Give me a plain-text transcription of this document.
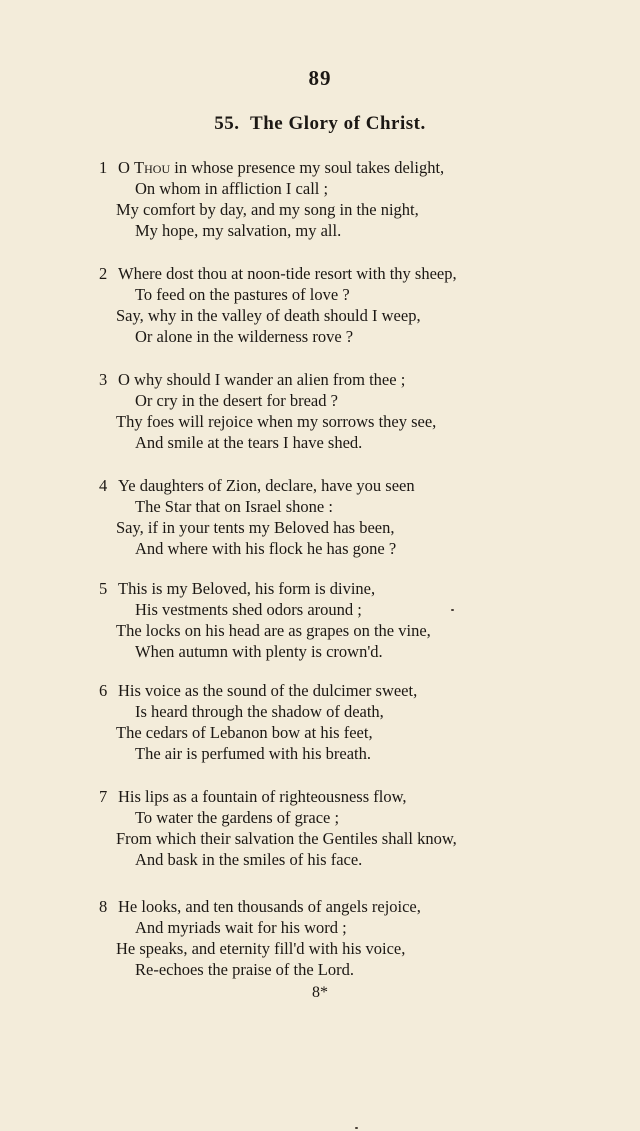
89
55. The Glory of Christ.
1 O Thou in whose presence my soul takes delight,
On whom in affliction I call ;
My comfort by day, and my song in the night,
My hope, my salvation, my all.
2 Where dost thou at noon-tide resort with thy sheep,
To feed on the pastures of love ?
Say, why in the valley of death should I weep,
Or alone in the wilderness rove ?
3 O why should I wander an alien from thee ;
Or cry in the desert for bread ?
Thy foes will rejoice when my sorrows they see,
And smile at the tears I have shed.
4 Ye daughters of Zion, declare, have you seen
The Star that on Israel shone :
Say, if in your tents my Beloved has been,
And where with his flock he has gone ?
5 This is my Beloved, his form is divine,
His vestments shed odors around ;
The locks on his head are as grapes on the vine,
When autumn with plenty is crown'd.
6 His voice as the sound of the dulcimer sweet,
Is heard through the shadow of death,
The cedars of Lebanon bow at his feet,
The air is perfumed with his breath.
7 His lips as a fountain of righteousness flow,
To water the gardens of grace ;
From which their salvation the Gentiles shall know,
And bask in the smiles of his face.
8 He looks, and ten thousands of angels rejoice,
And myriads wait for his word ;
He speaks, and eternity fill'd with his voice,
Re-echoes the praise of the Lord.
8*
